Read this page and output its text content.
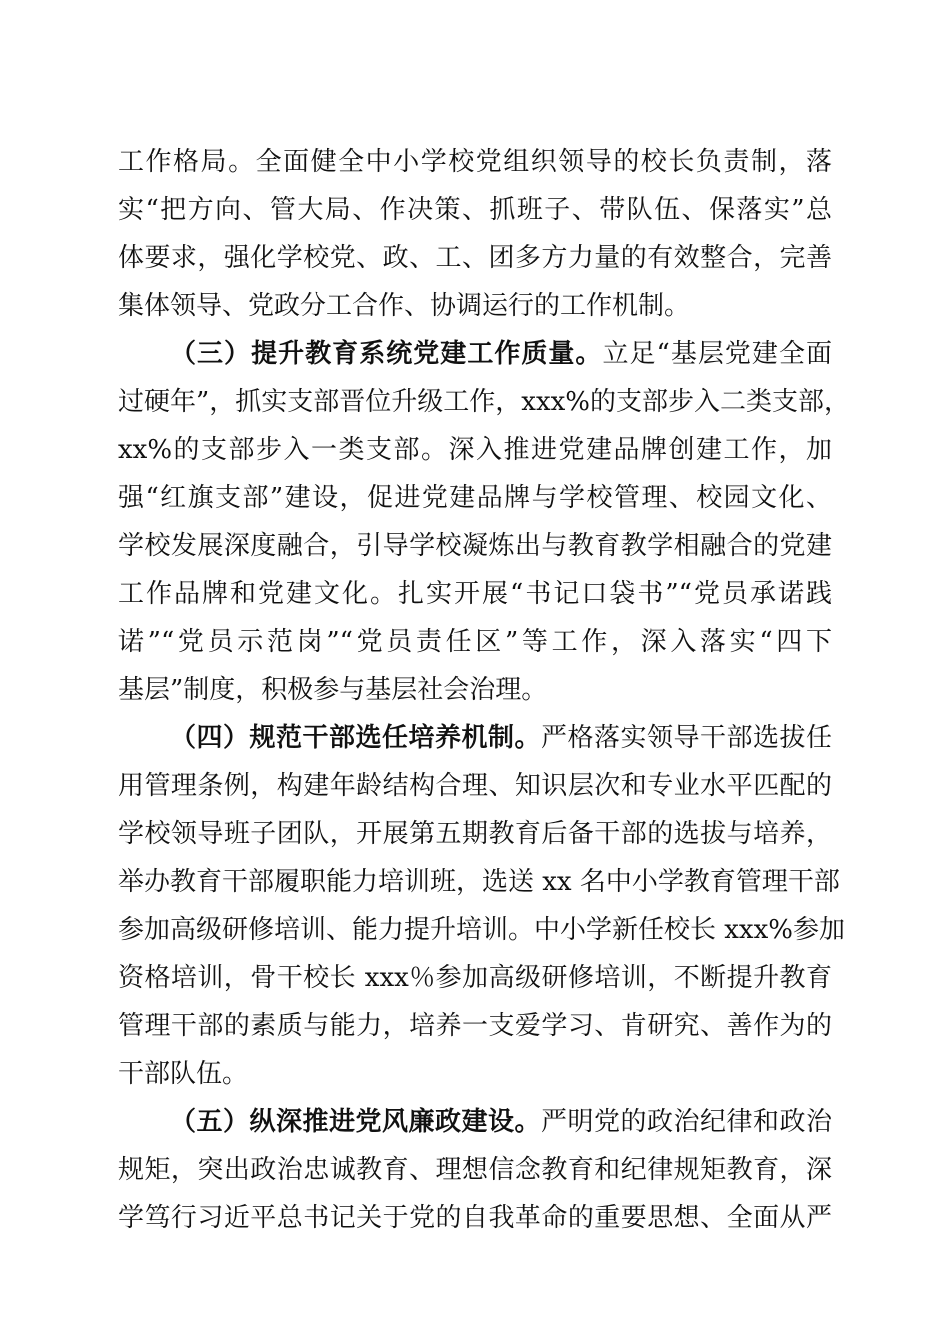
工作格局。全面健全中小学校党组织领导的校长负责制，落
实“把方向、管大局、作决策、抓班子、带队伍、保落实”总
体要求，强化学校党、政、工、团多方力量的有效整合，完善
集体领导、党政分工合作、协调运行的工作机制。
（三）提升教育系统党建工作质量。立足“基层党建全面
过硬年”，抓实支部晋位升级工作，xxx%的支部步入二类支部，
xx%的支部步入一类支部。深入推进党建品牌创建工作，加
强“红旗支部”建设，促进党建品牌与学校管理、校园文化、
学校发展深度融合，引导学校凝炼出与教育教学相融合的党建
工作品牌和党建文化。扎实开展“书记口袋书”“党员承诺践
诺”“党员示范岗”“党员责任区”等工作，深入落实“四下
基层”制度，积极参与基层社会治理。
（四）规范干部选任培养机制。严格落实领导干部选拔任
用管理条例，构建年龄结构合理、知识层次和专业水平匹配的
学校领导班子团队，开展第五期教育后备干部的选拔与培养，
举办教育干部履职能力培训班，选送 xx 名中小学教育管理干部
参加高级研修培训、能力提升培训。中小学新任校长 xxx%参加
资格培训，骨干校长 xxx％参加高级研修培训，不断提升教育
管理干部的素质与能力，培养一支爱学习、肯研究、善作为的
干部队伍。
（五）纵深推进党风廉政建设。严明党的政治纪律和政治
规矩，突出政治忠诚教育、理想信念教育和纪律规矩教育，深
学笃行习近平总书记关于党的自我革命的重要思想、全面从严
